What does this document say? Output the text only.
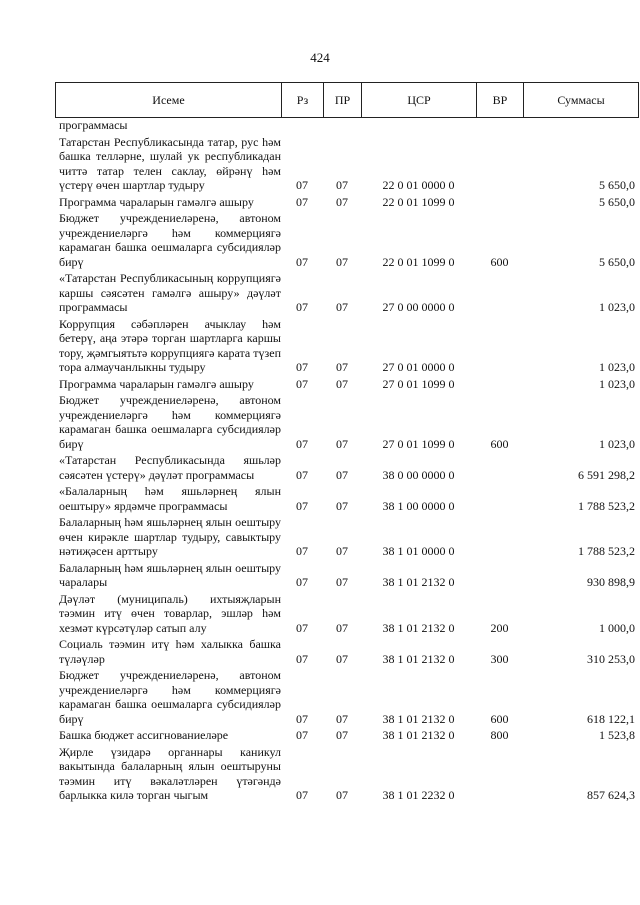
424
Исеме	Рз	ПР	ЦСР	ВР	Суммасы
программасы					
Татарстан Республикасында татар, рус һәм башка телләрне, шулай ук республикадан читтә татар телен саклау, өйрәнү һәм үстерү өчен шартлар тудыру	07	07	22 0 01 0000 0		5 650,0
Программа чараларын гамәлгә ашыру	07	07	22 0 01 1099 0		5 650,0
Бюджет учреждениеләренә, автоном учреждениеләргә һәм коммерциягә карамаган башка оешмаларга субсидияләр бирү	07	07	22 0 01 1099 0	600	5 650,0
«Татарстан Республикасының коррупциягә каршы сәясәтен гамәлгә ашыру» дәүләт программасы	07	07	27 0 00 0000 0		1 023,0
Коррупция сәбәпләрен ачыклау һәм бетерү, аңа этәрә торган шартларга каршы тору, җәмгыятьтә коррупциягә карата түзеп тора алмаучанлыкны тудыру	07	07	27 0 01 0000 0		1 023,0
Программа чараларын гамәлгә ашыру	07	07	27 0 01 1099 0		1 023,0
Бюджет учреждениеләренә, автоном учреждениеләргә һәм коммерциягә карамаган башка оешмаларга субсидияләр бирү	07	07	27 0 01 1099 0	600	1 023,0
«Татарстан Республикасында яшьләр сәясәтен үстерү» дәүләт программасы	07	07	38 0 00 0000 0		6 591 298,2
«Балаларның һәм яшьләрнең ялын оештыру» ярдәмче программасы	07	07	38 1 00 0000 0		1 788 523,2
Балаларның һәм яшьләрнең ялын оештыру өчен кирәкле шартлар тудыру, савыктыру нәтиҗәсен арттыру	07	07	38 1 01 0000 0		1 788 523,2
Балаларның һәм яшьләрнең ялын оештыру чаралары	07	07	38 1 01 2132 0		930 898,9
Дәүләт (муниципаль) ихтыяҗларын тәэмин итү өчен товарлар, эшләр һәм хезмәт күрсәтүләр сатып алу	07	07	38 1 01 2132 0	200	1 000,0
Социаль тәэмин итү һәм халыкка башка түләүләр	07	07	38 1 01 2132 0	300	310 253,0
Бюджет учреждениеләренә, автоном учреждениеләргә һәм коммерциягә карамаган башка оешмаларга субсидияләр бирү	07	07	38 1 01 2132 0	600	618 122,1
Башка бюджет ассигнованиеләре	07	07	38 1 01 2132 0	800	1 523,8
Җирле үзидарә органнары каникул вакытында балаларның ялын оештыруны тәэмин итү вәкаләтләрен үтәгәндә барлыкка килә торган чыгым	07	07	38 1 01 2232 0		857 624,3
